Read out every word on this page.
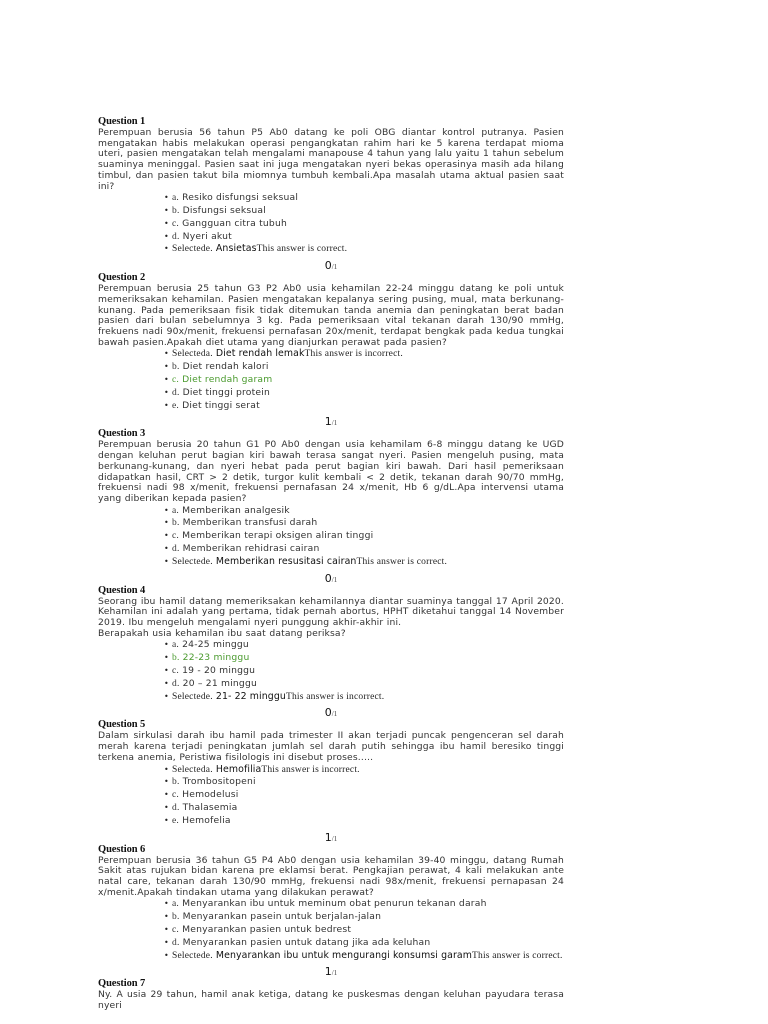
Question 1

Perempuan berusia 56 tahun P5 Ab0 datang ke poli OBG diantar kontrol putranya. Pasien mengatakan habis melakukan operasi pengangkatan rahim hari ke 5 karena terdapat mioma uteri, pasien mengatakan telah mengalami manapouse 4 tahun yang lalu yaitu 1 tahun sebelum suaminya meninggal. Pasien saat ini juga mengatakan nyeri bekas operasinya masih ada hilang timbul, dan pasien takut bila miomnya tumbuh kembali.Apa masalah utama aktual pasien saat ini?

• a. Resiko disfungsi seksual
• b. Disfungsi seksual
• c. Gangguan citra tubuh
• d. Nyeri akut
• Selectede. AnsietasThis answer is correct.
0/1
Question 2

Perempuan berusia 25 tahun G3 P2 Ab0 usia kehamilan 22-24 minggu datang ke poli untuk memeriksakan kehamilan. Pasien mengatakan kepalanya sering pusing, mual, mata berkunang-kunang. Pada pemeriksaan fisik tidak ditemukan tanda anemia dan peningkatan berat badan pasien dari bulan sebelumnya 3 kg. Pada pemeriksaan vital tekanan darah 130/90 mmHg, frekuens nadi 90x/menit, frekuensi pernafasan 20x/menit, terdapat bengkak pada kedua tungkai bawah pasien.Apakah diet utama yang dianjurkan perawat pada pasien?

• Selecteda. Diet rendah lemakThis answer is incorrect.
• b. Diet rendah kalori
• c. Diet rendah garam
• d. Diet tinggi protein
• e. Diet tinggi serat
1/1
Question 3

Perempuan berusia 20 tahun G1 P0 Ab0 dengan usia kehamilam 6-8 minggu datang ke UGD dengan keluhan perut bagian kiri bawah terasa sangat nyeri. Pasien mengeluh pusing, mata berkunang-kunang, dan nyeri hebat pada perut bagian kiri bawah. Dari hasil pemeriksaan didapatkan hasil, CRT > 2 detik, turgor kulit kembali < 2 detik, tekanan darah 90/70 mmHg, frekuensi nadi 98 x/menit, frekuensi pernafasan 24 x/menit, Hb 6 g/dL.Apa intervensi utama yang diberikan kepada pasien?

• a. Memberikan analgesik
• b. Memberikan transfusi darah
• c. Memberikan terapi oksigen aliran tinggi
• d. Memberikan rehidrasi cairan
• Selectede. Memberikan resusitasi cairanThis answer is correct.
0/1
Question 4

Seorang ibu hamil datang memeriksakan kehamilannya diantar suaminya tanggal 17 April 2020. Kehamilan ini adalah yang pertama, tidak pernah abortus, HPHT diketahui tanggal 14 November 2019. Ibu mengeluh mengalami nyeri punggung akhir-akhir ini.

Berapakah usia kehamilan ibu saat datang periksa?

• a. 24-25 minggu
• b. 22-23 minggu
• c. 19 - 20 minggu
• d. 20 – 21 minggu
• Selectede. 21- 22 mingguThis answer is incorrect.
0/1
Question 5

Dalam sirkulasi darah ibu hamil pada trimester II akan terjadi puncak pengenceran sel darah merah karena terjadi peningkatan jumlah sel darah putih sehingga ibu hamil beresiko tinggi terkena anemia, Peristiwa fisilologis ini disebut proses.....

• Selecteda. HemofiliaThis answer is incorrect.
• b. Trombositopeni
• c. Hemodelusi
• d. Thalasemia
• e. Hemofelia
1/1
Question 6

Perempuan berusia 36 tahun G5 P4 Ab0 dengan usia kehamilan 39-40 minggu, datang Rumah Sakit atas rujukan bidan karena pre eklamsi berat. Pengkajian perawat, 4 kali melakukan ante natal care, tekanan darah 130/90 mmHg, frekuensi nadi 98x/menit, frekuensi pernapasan 24 x/menit.Apakah tindakan utama yang dilakukan perawat?

• a. Menyarankan ibu untuk meminum obat penurun tekanan darah
• b. Menyarankan pasein untuk berjalan-jalan
• c. Menyarankan pasien untuk bedrest
• d. Menyarankan pasien untuk datang jika ada keluhan
• Selectede. Menyarankan ibu untuk mengurangi konsumsi garamThis answer is correct.
1/1
Question 7

Ny. A usia 29 tahun, hamil anak ketiga, datang ke puskesmas dengan keluhan payudara terasa nyeri
